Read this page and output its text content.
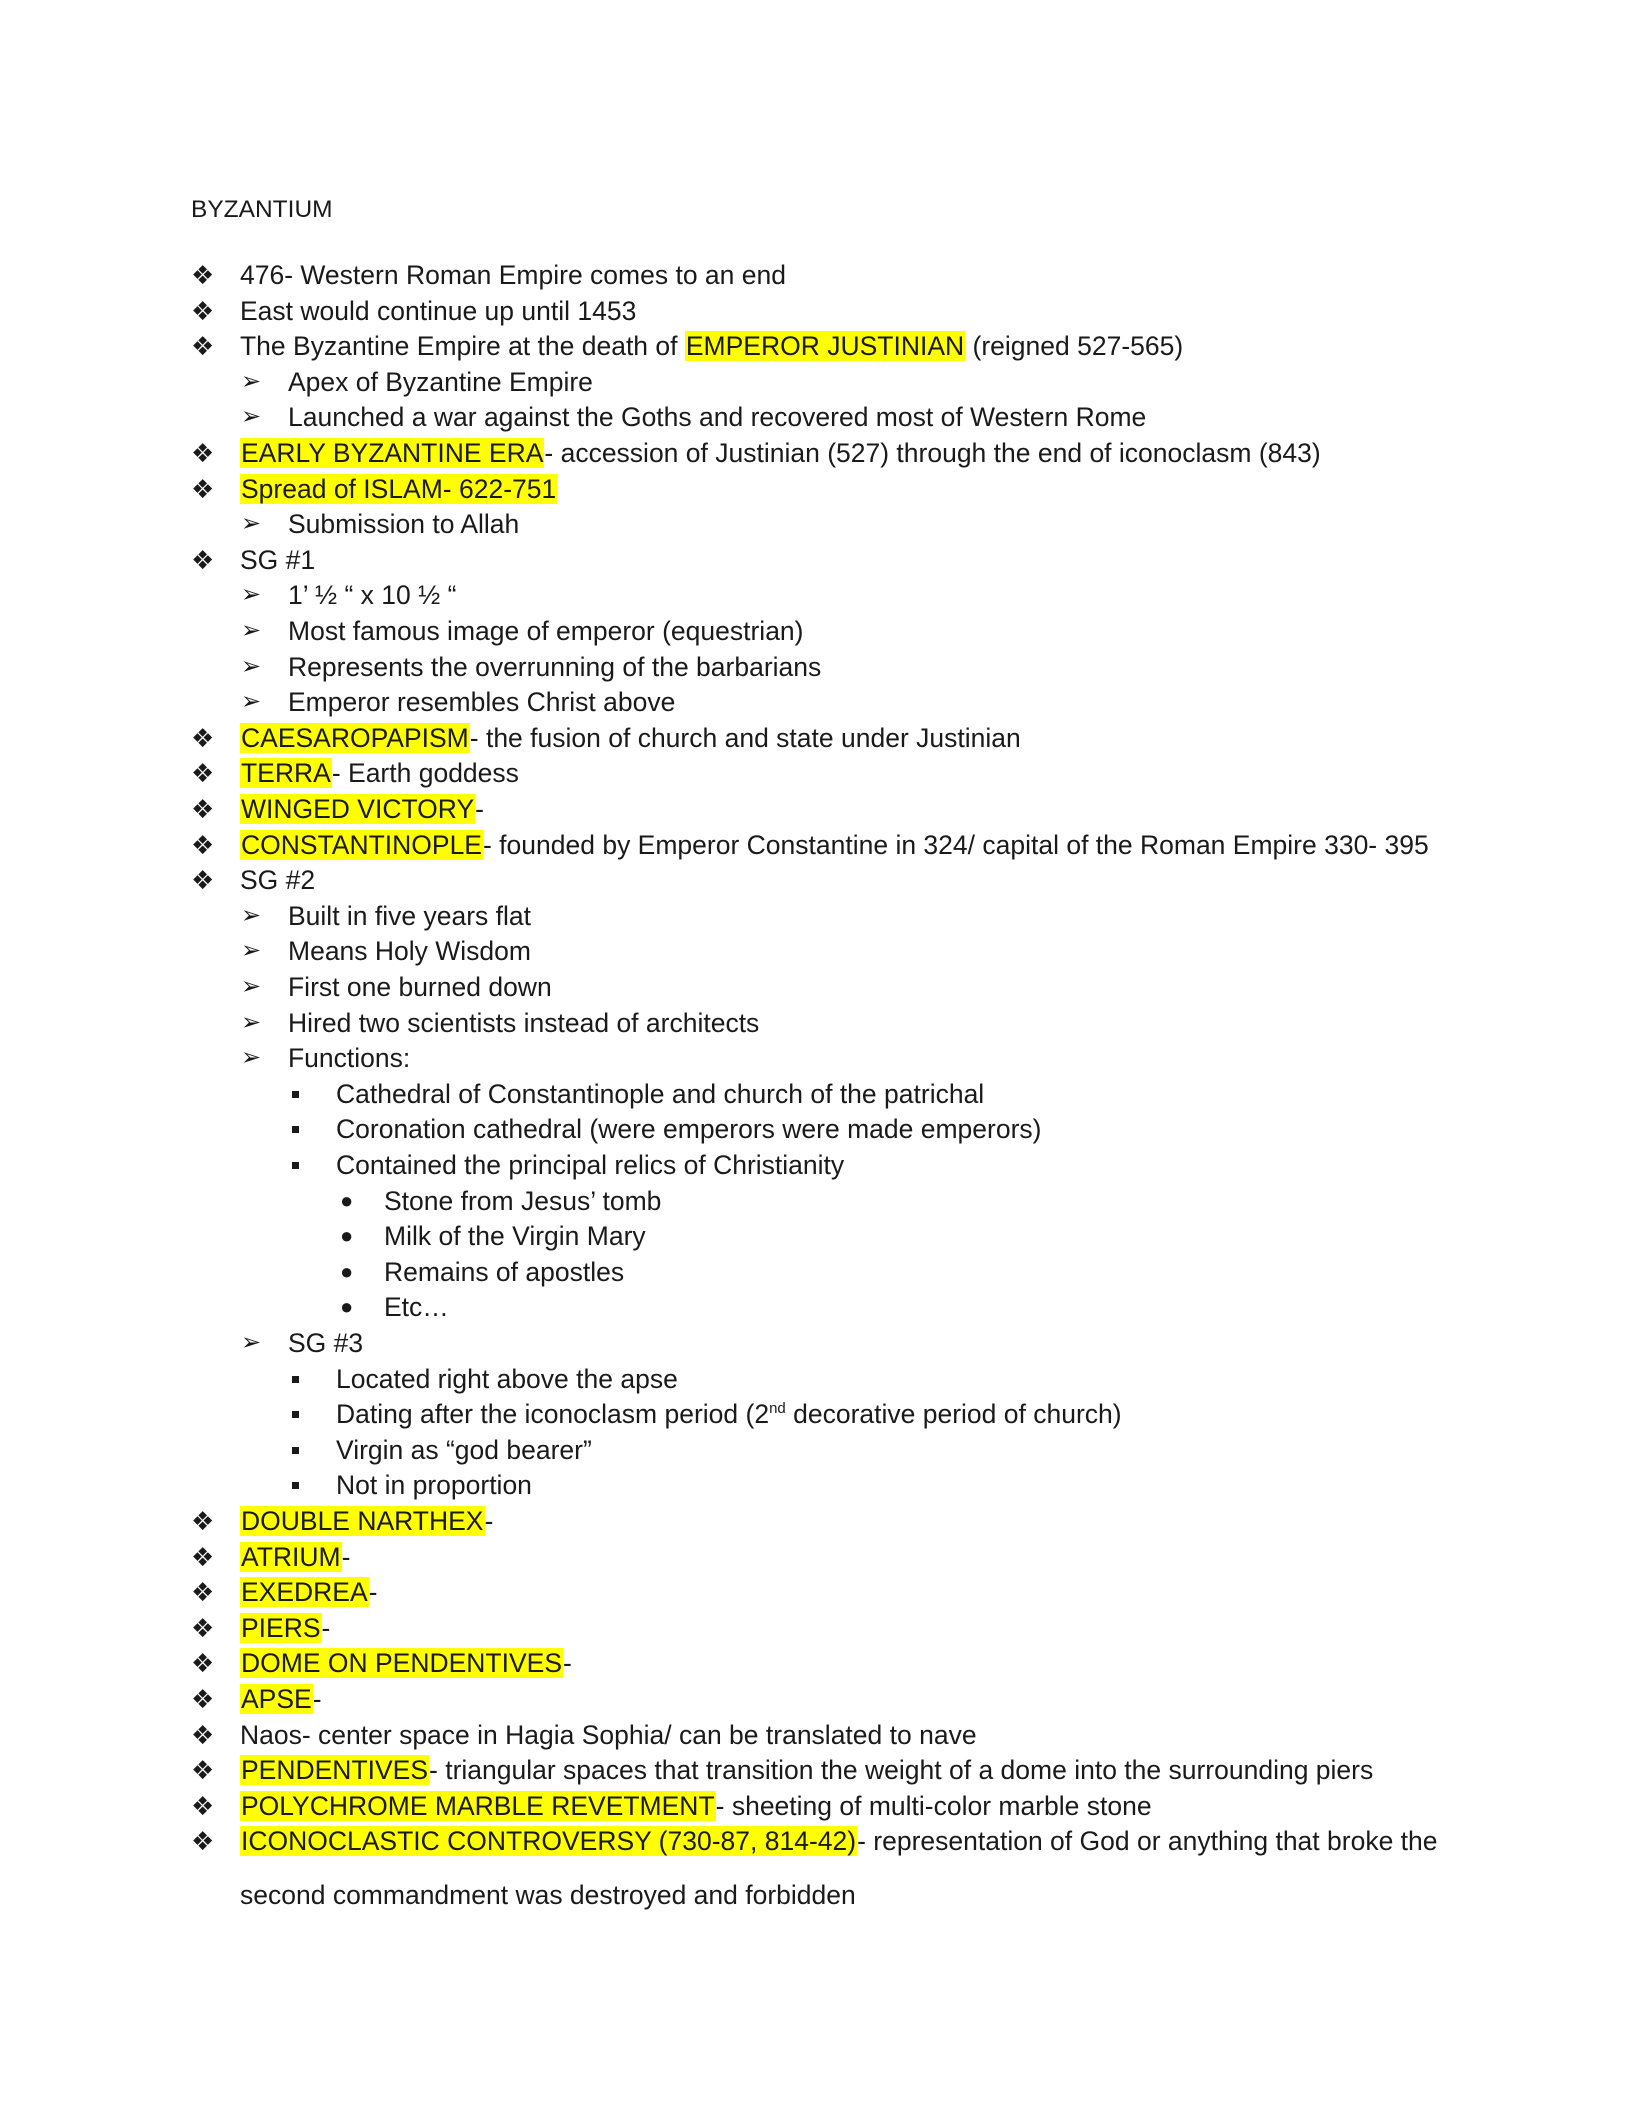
BYZANTIUM
❖ 476- Western Roman Empire comes to an end
❖ East would continue up until 1453
❖ The Byzantine Empire at the death of EMPEROR JUSTINIAN (reigned 527-565)
➢ Apex of Byzantine Empire
➢ Launched a war against the Goths and recovered most of Western Rome
❖ EARLY BYZANTINE ERA- accession of Justinian (527) through the end of iconoclasm (843)
❖ Spread of ISLAM- 622-751
➢ Submission to Allah
❖ SG #1
➢ 1’ ½ “ x 10 ½ “
➢ Most famous image of emperor (equestrian)
➢ Represents the overrunning of the barbarians
➢ Emperor resembles Christ above
❖ CAESAROPAPISM- the fusion of church and state under Justinian
❖ TERRA- Earth goddess
❖ WINGED VICTORY-
❖ CONSTANTINOPLE- founded by Emperor Constantine in 324/ capital of the Roman Empire 330- 395
❖ SG #2
➢ Built in five years flat
➢ Means Holy Wisdom
➢ First one burned down
➢ Hired two scientists instead of architects
➢ Functions:
Cathedral of Constantinople and church of the patrichal
Coronation cathedral (were emperors were made emperors)
Contained the principal relics of Christianity
● Stone from Jesus’ tomb
● Milk of the Virgin Mary
● Remains of apostles
● Etc…
➢ SG #3
Located right above the apse
Dating after the iconoclasm period (2nd decorative period of church)
Virgin as “god bearer”
Not in proportion
❖ DOUBLE NARTHEX-
❖ ATRIUM-
❖ EXEDREA-
❖ PIERS-
❖ DOME ON PENDENTIVES-
❖ APSE-
❖ Naos- center space in Hagia Sophia/ can be translated to nave
❖ PENDENTIVES- triangular spaces that transition the weight of a dome into the surrounding piers
❖ POLYCHROME MARBLE REVETMENT- sheeting of multi-color marble stone
❖ ICONOCLASTIC CONTROVERSY (730-87, 814-42)- representation of God or anything that broke the
second commandment was destroyed and forbidden
